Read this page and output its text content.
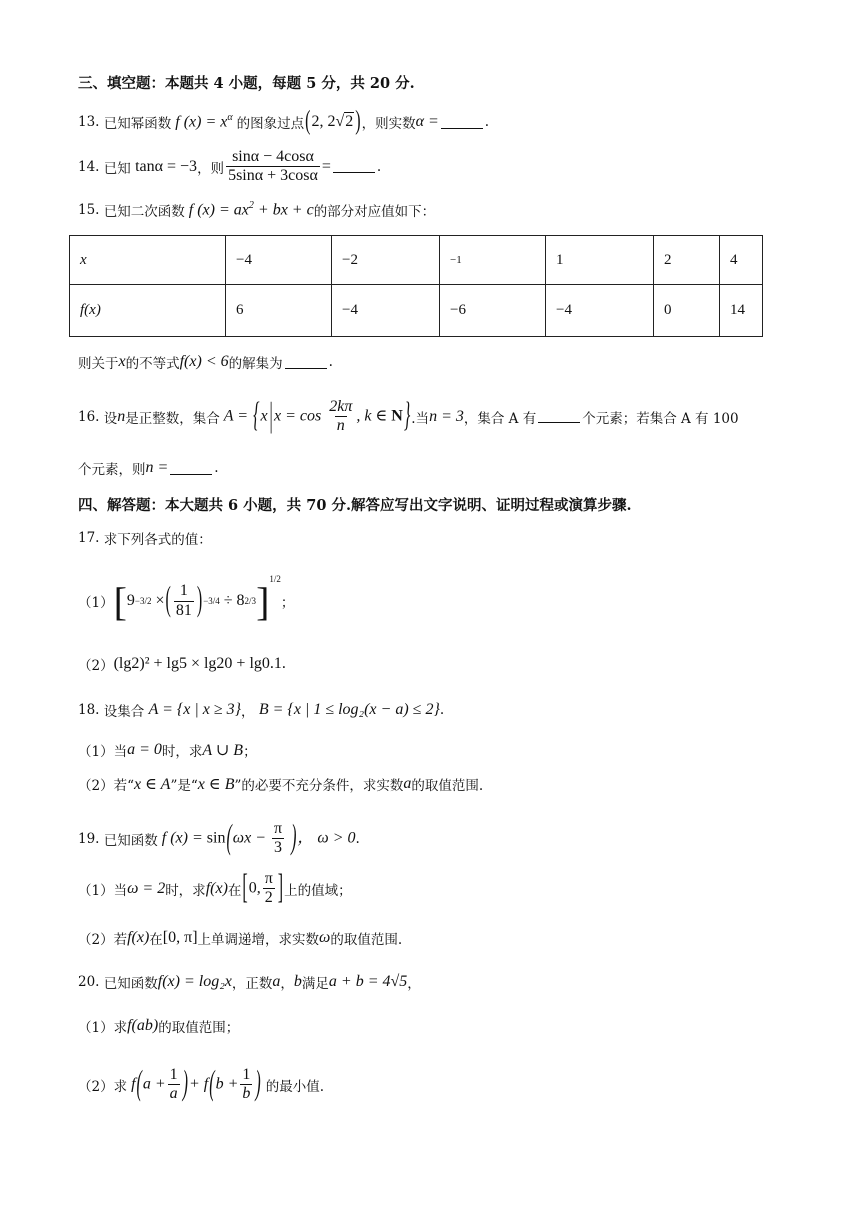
三、填空题：本题共 4 小题，每题 5 分，共 20 分.
13.
已知幂函数 f $(x) = x^\alpha$ 的图象过点 (2, 2√2 ) ，则实数 α =	.
14.
已知
tanα = −3 ，则 $\frac{\sin\alpha - 4\cos\alpha}{5\sin\alpha + 3\cos\alpha}$ =	.
15.
已知二次函数 f $(x) = ax^2$ + bx + c 的部分对应值如下：
x	−4	−2	−1	1	2	4
f(x)	6	−4	−6	−4	0	14
则关于 x 的不等式 f(x) < 6 的解集为	.
16.
设 n 是正整数，集合 $A = \{x|x = \cos \frac{2k\pi}{n}$ , k ∈ N} .当 n = 3 ，集合 A 有	个元素；若集合 A 有 100
个元素，则 n =	.
四、解答题：本大题共 6 小题，共 70 分.解答应写出文字说明、证明过程或演算步骤.
17.
求下列各式的值：
（1） [ 9 −3/2 × ( $\frac{1}{81}$ ) −3/4 ÷ 8 2/3 ] 1/2
；
（2） (lg2)² + lg5 × lg20 + lg0.1.
18.
设集合
A = {x | x ≥ 3} ，
B = {x | 1 ≤ log₂(x − a) ≤ 2} .
（1）当 a = 0 时，求 A ∪ B ；
（2）若“ x ∈ A ”是“ x ∈ B ”的必要不充分条件，求实数 a 的取值范围.
19.
已知函数 f $(x) = \sin(\omega x - \frac{\pi}{3}$ )， ω > 0 .
（1）当 ω = 2 时，求 f(x) 在 [0, $\frac{\pi}{2}$ ] 上的值域；
（2）若 f(x) 在 [0, π] 上单调递增，求实数 ω 的取值范围.
20.
已知函数 f(x) = log₂x ，正数 a ， b 满足 a + b = 4√5 ，
（1）求 f(ab) 的取值范围；
（2）求 $f(a + \frac{1}{a}$ )+ $f(b + \frac{1}{b}$ ) 的最小值.
